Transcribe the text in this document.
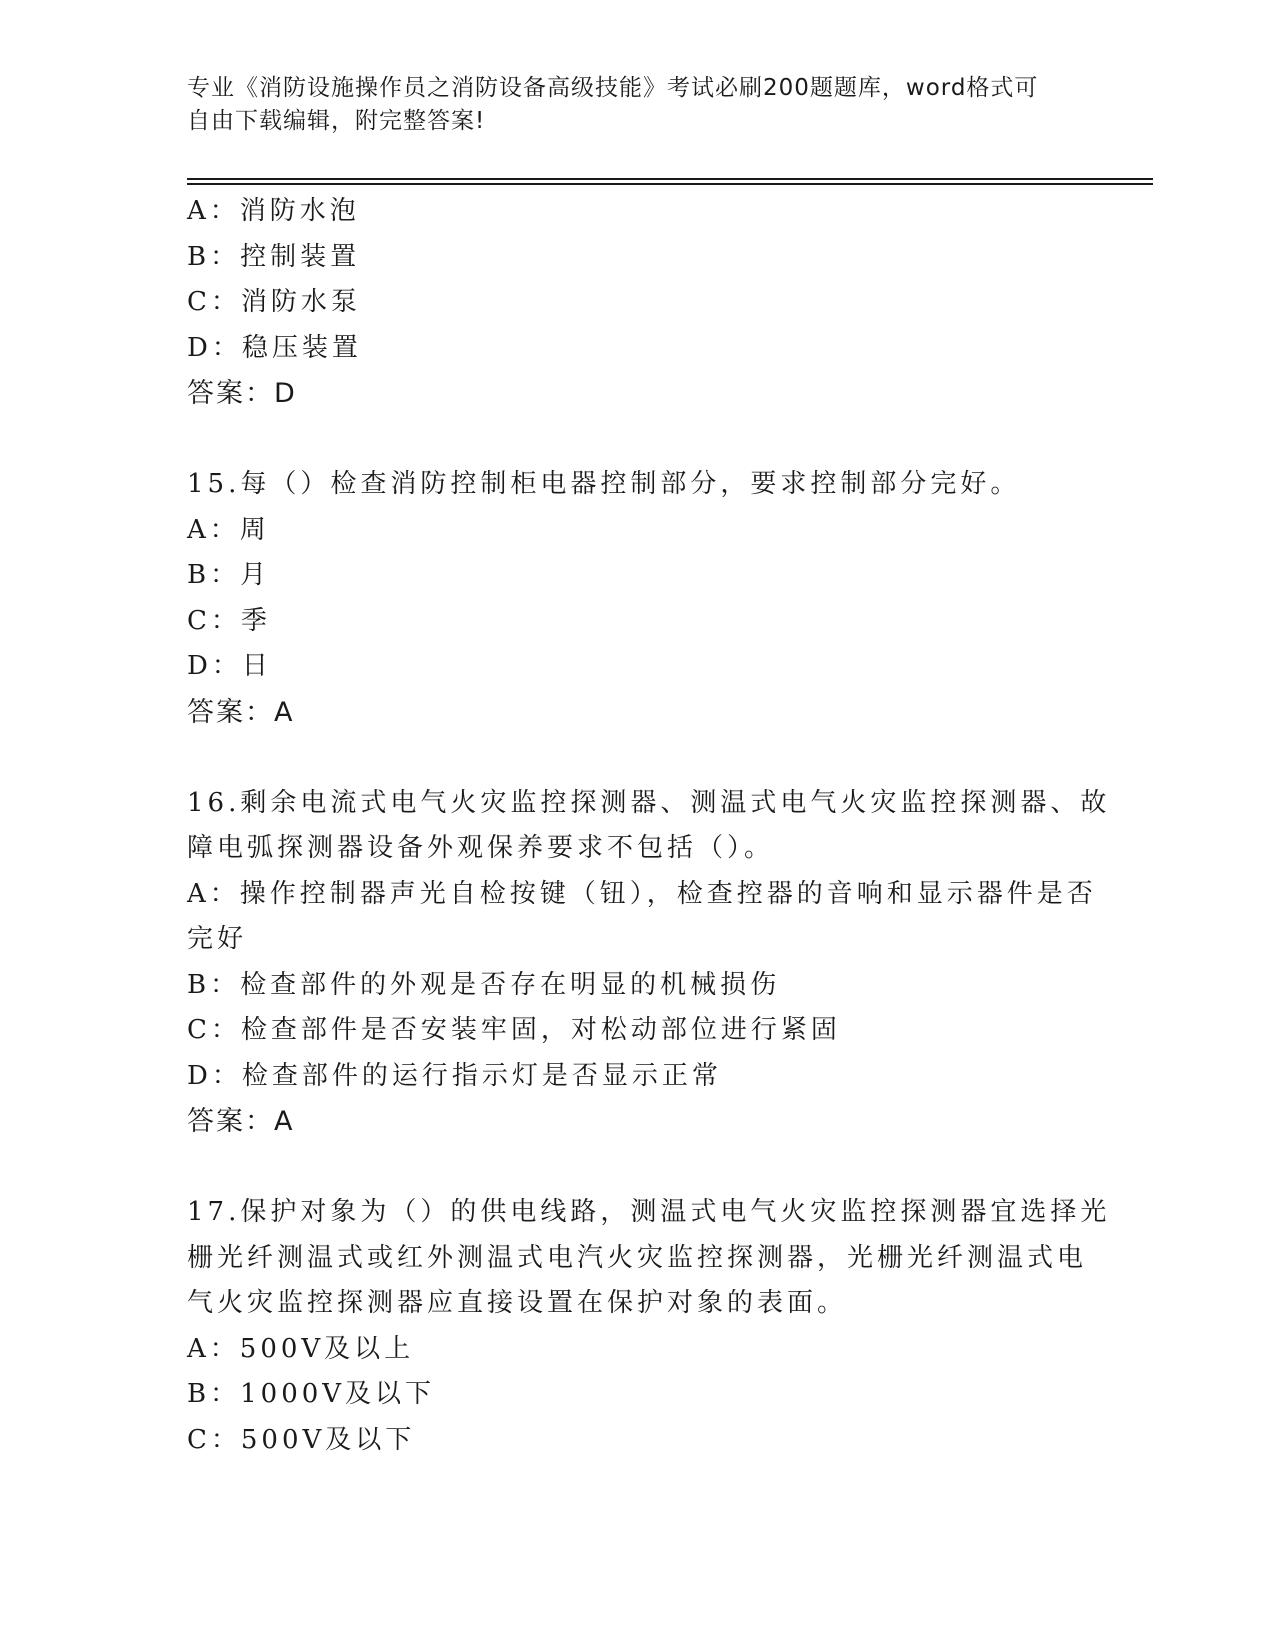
专业《消防设施操作员之消防设备高级技能》考试必刷200题题库，word格式可
自由下载编辑，附完整答案!
A：消防水泡
B：控制装置
C：消防水泵
D：稳压装置
答案：D
15.每（）检查消防控制柜电器控制部分，要求控制部分完好。
A：周
B：月
C：季
D：日
答案：A
16.剩余电流式电气火灾监控探测器、测温式电气火灾监控探测器、故
障电弧探测器设备外观保养要求不包括（）。
A：操作控制器声光自检按键（钮），检查控器的音响和显示器件是否
完好
B：检查部件的外观是否存在明显的机械损伤
C：检查部件是否安装牢固，对松动部位进行紧固
D：检查部件的运行指示灯是否显示正常
答案：A
17.保护对象为（）的供电线路，测温式电气火灾监控探测器宜选择光
栅光纤测温式或红外测温式电汽火灾监控探测器，光栅光纤测温式电
气火灾监控探测器应直接设置在保护对象的表面。
A：500V及以上
B：1000V及以下
C：500V及以下
